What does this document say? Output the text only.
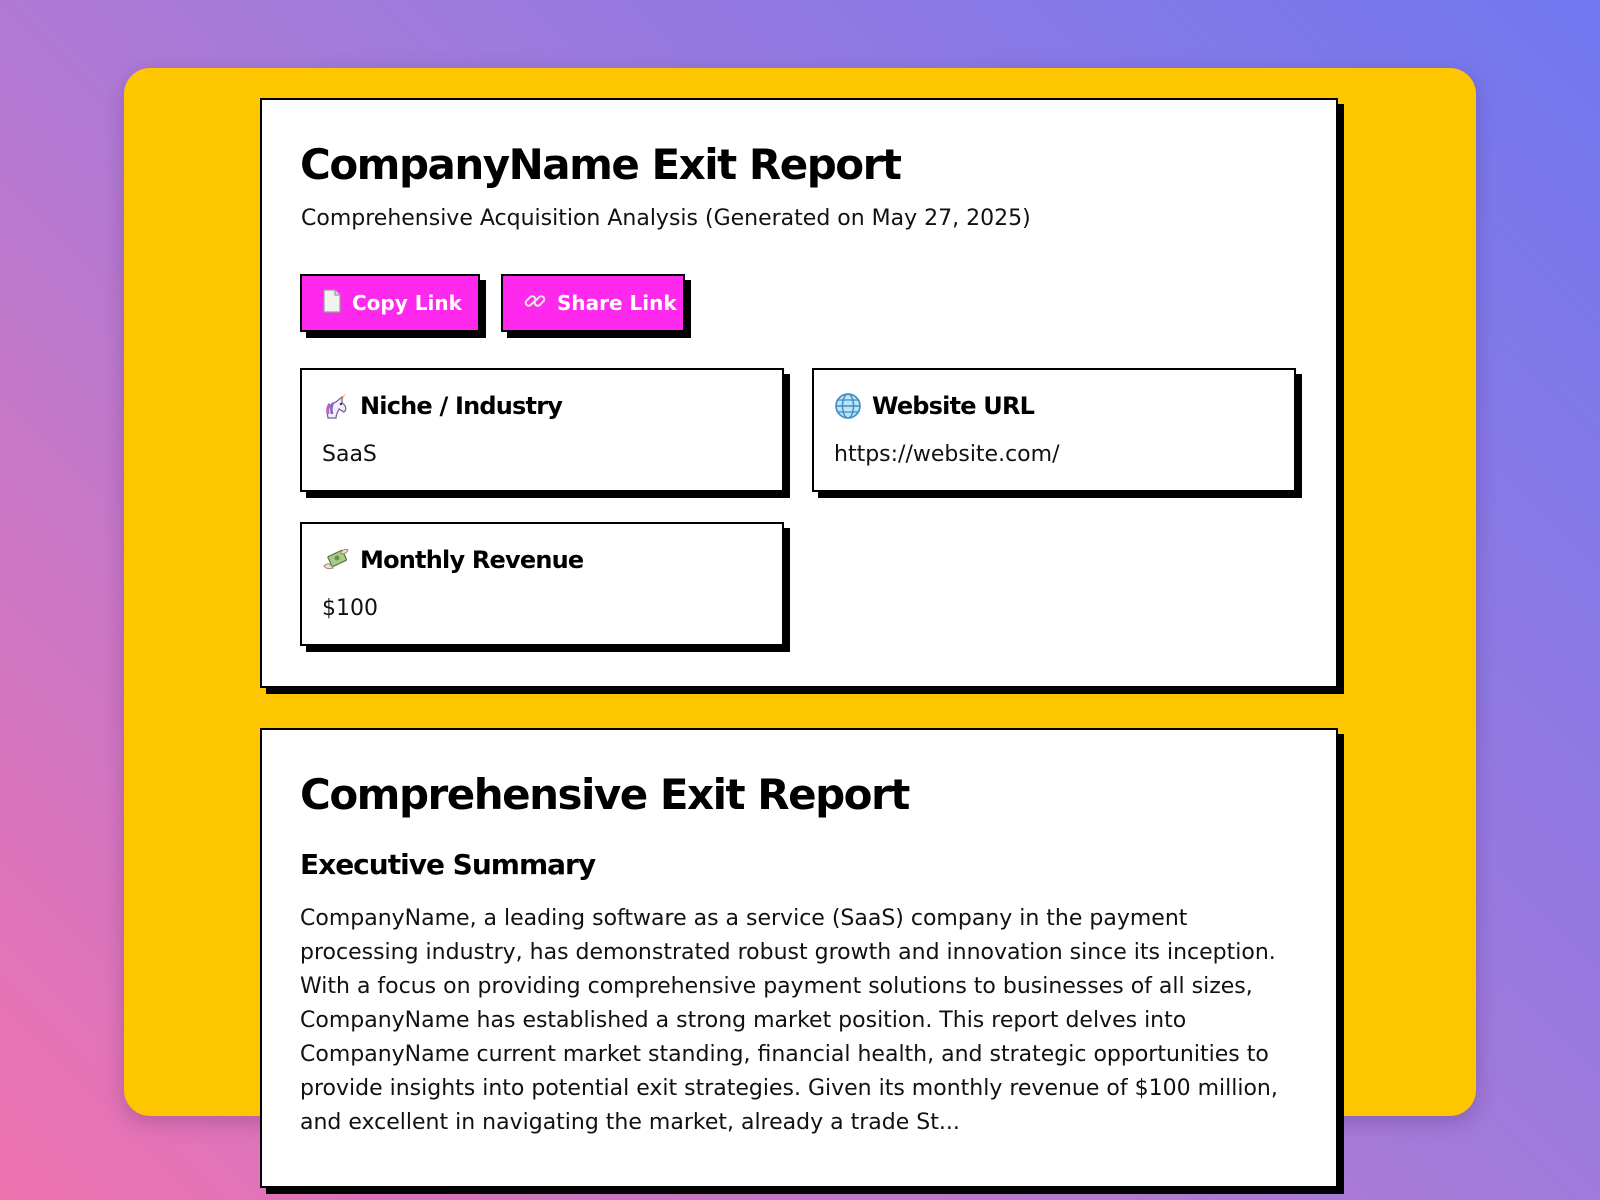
CompanyName Exit Report

Comprehensive Acquisition Analysis (Generated on May 27, 2025)

Copy Link	Share Link
Niche / Industry
SaaS
Website URL
https://website.com/
Monthly Revenue
$100
Comprehensive Exit Report
Executive Summary

CompanyName, a leading software as a service (SaaS) company in the payment processing industry, has demonstrated robust growth and innovation since its inception. With a focus on providing comprehensive payment solutions to businesses of all sizes, CompanyName has established a strong market position. This report delves into CompanyName current market standing, financial health, and strategic opportunities to provide insights into potential exit strategies. Given its monthly revenue of $100 million, and excellent in navigating the market, already a trade St...
